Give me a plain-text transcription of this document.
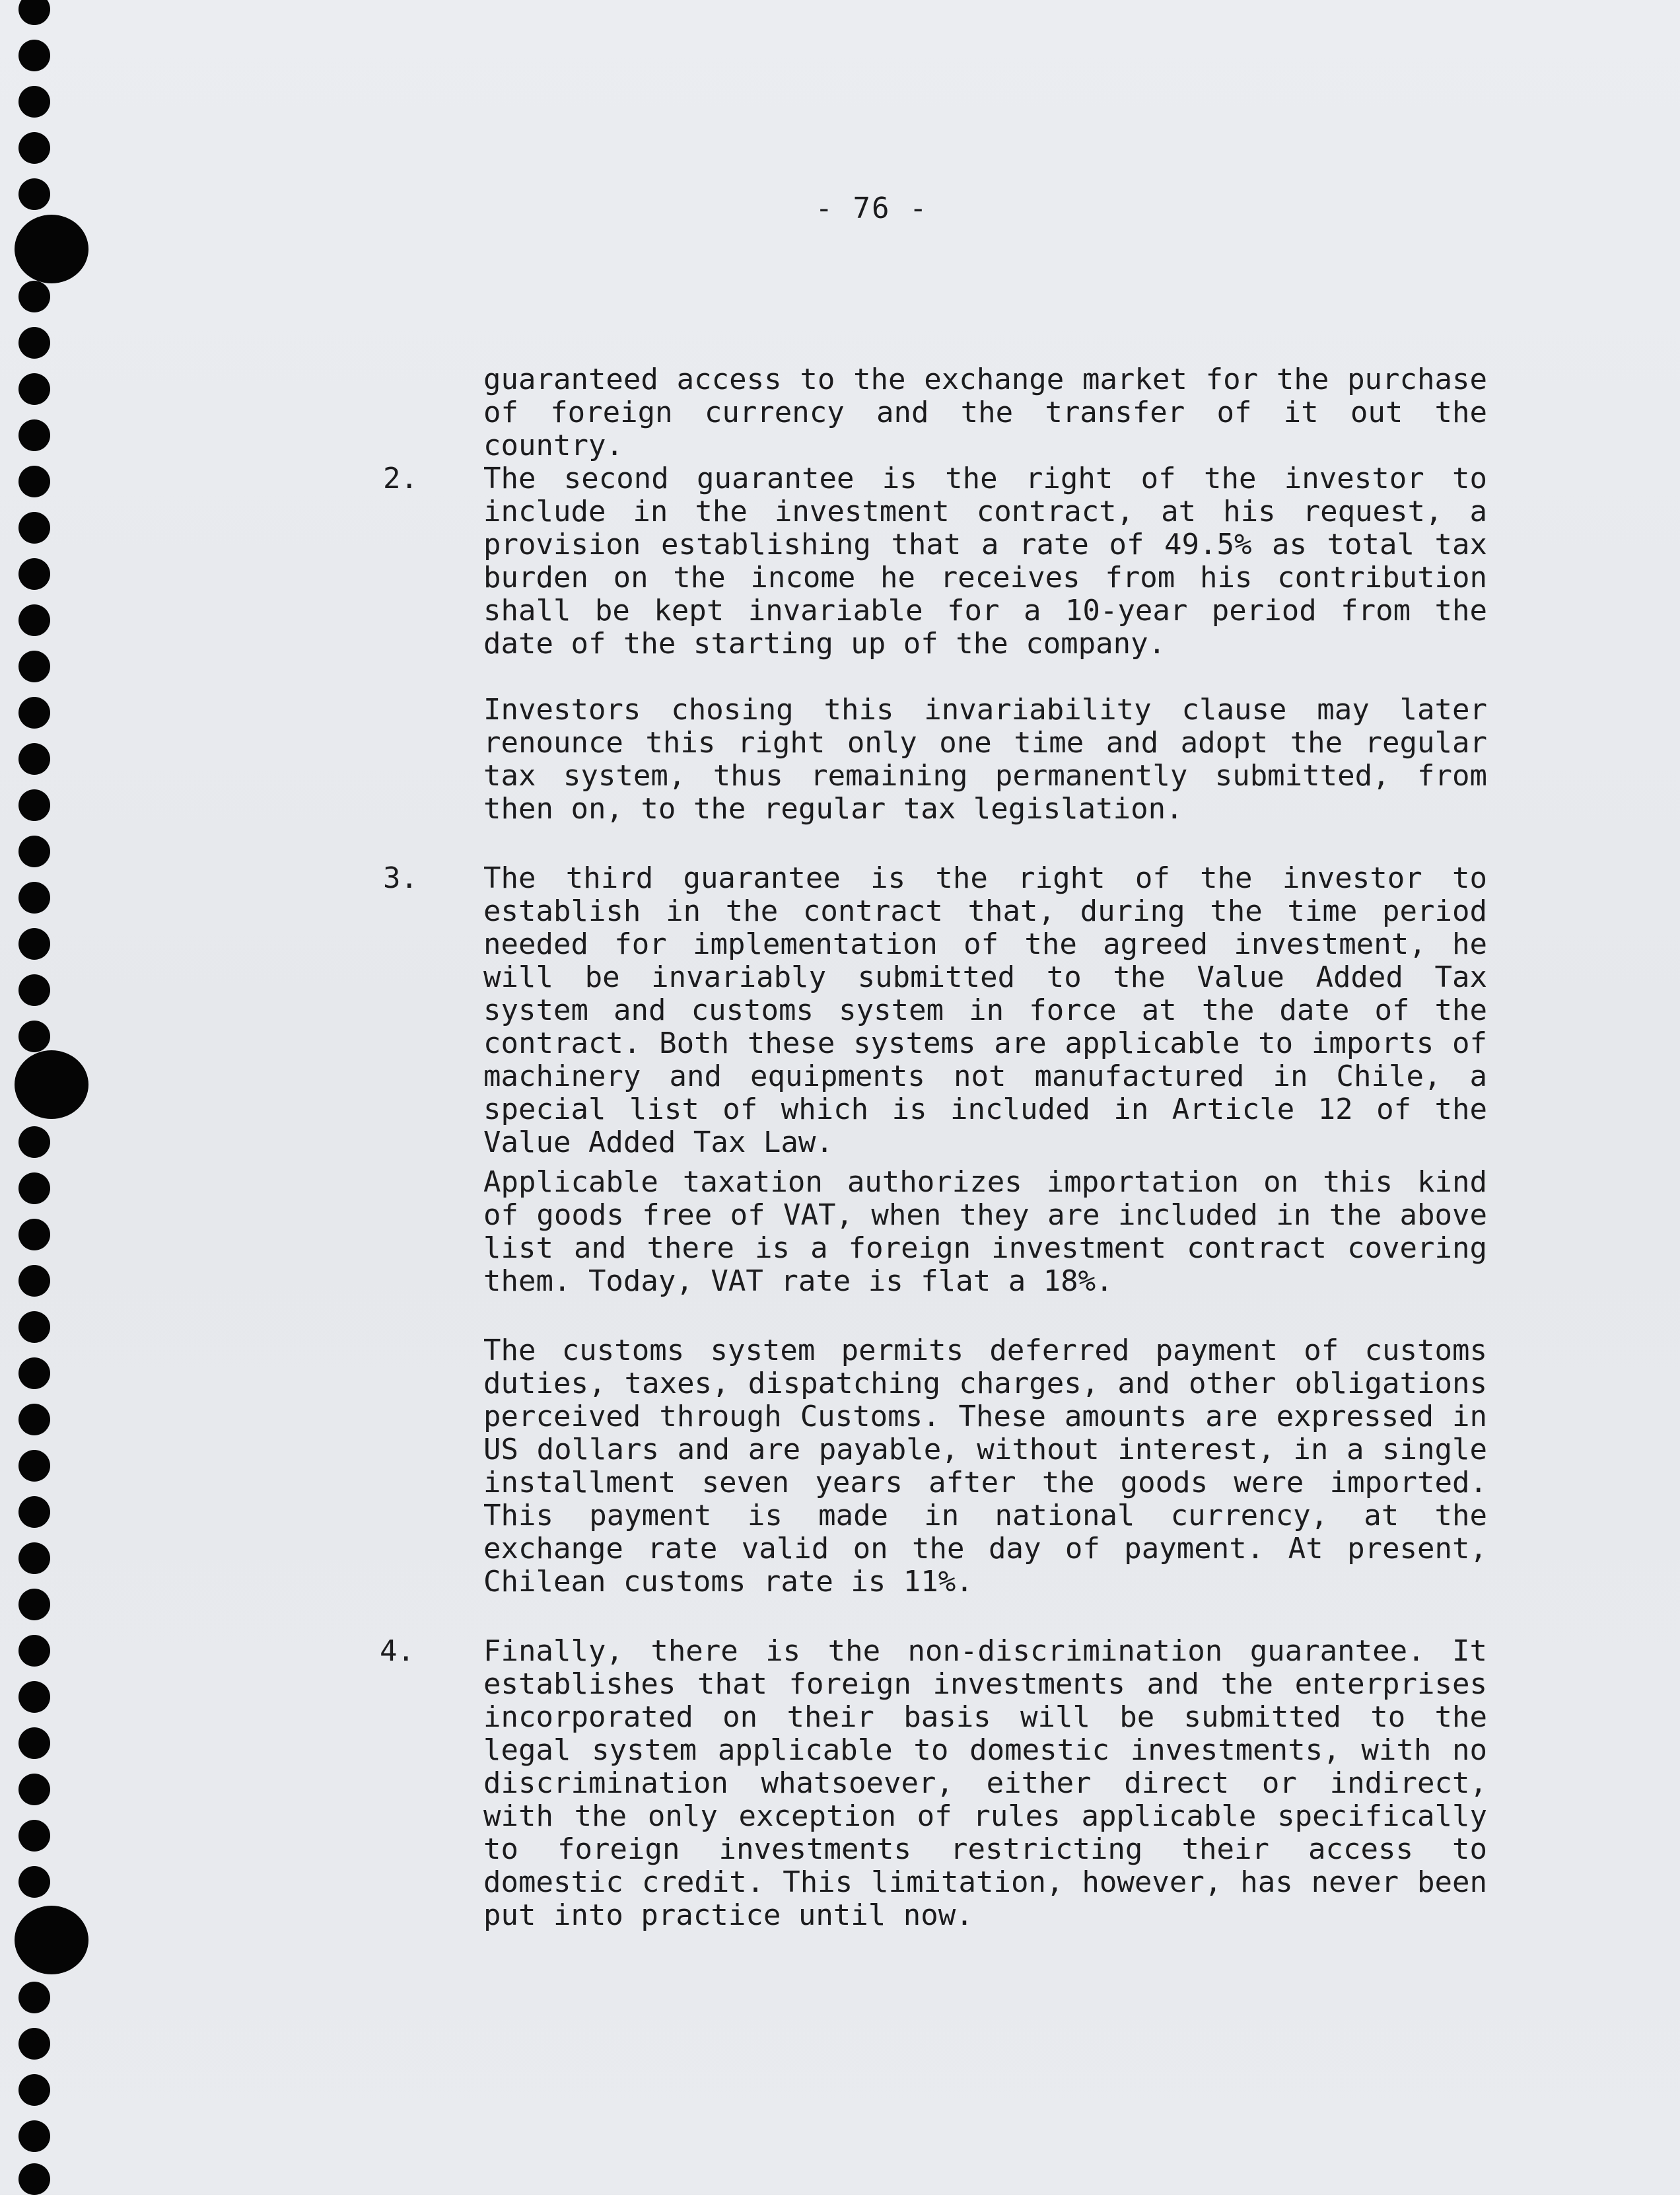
- 76 -

guaranteed access to the exchange market for the purchase of foreign currency and the transfer of it out the country.

2. The second guarantee is the right of the investor to include in the investment contract, at his request, a provision establishing that a rate of 49.5% as total tax burden on the income he receives from his contribution shall be kept invariable for a 10-year period from the date of the starting up of the company.

Investors chosing this invariability clause may later renounce this right only one time and adopt the regular tax system, thus remaining permanently submitted, from then on, to the regular tax legislation.

3. The third guarantee is the right of the investor to establish in the contract that, during the time period needed for implementation of the agreed investment, he will be invariably submitted to the Value Added Tax system and customs system in force at the date of the contract. Both these systems are applicable to imports of machinery and equipments not manufactured in Chile, a special list of which is included in Article 12 of the Value Added Tax Law.

Applicable taxation authorizes importation on this kind of goods free of VAT, when they are included in the above list and there is a foreign investment contract covering them. Today, VAT rate is flat a 18%.

The customs system permits deferred payment of customs duties, taxes, dispatching charges, and other obligations perceived through Customs. These amounts are expressed in US dollars and are payable, without interest, in a single installment seven years after the goods were imported. This payment is made in national currency, at the exchange rate valid on the day of payment. At present, Chilean customs rate is 11%.

4. Finally, there is the non-discrimination guarantee. It establishes that foreign investments and the enterprises incorporated on their basis will be submitted to the legal system applicable to domestic investments, with no discrimination whatsoever, either direct or indirect, with the only exception of rules applicable specifically to foreign investments restricting their access to domestic credit. This limitation, however, has never been put into practice until now.
